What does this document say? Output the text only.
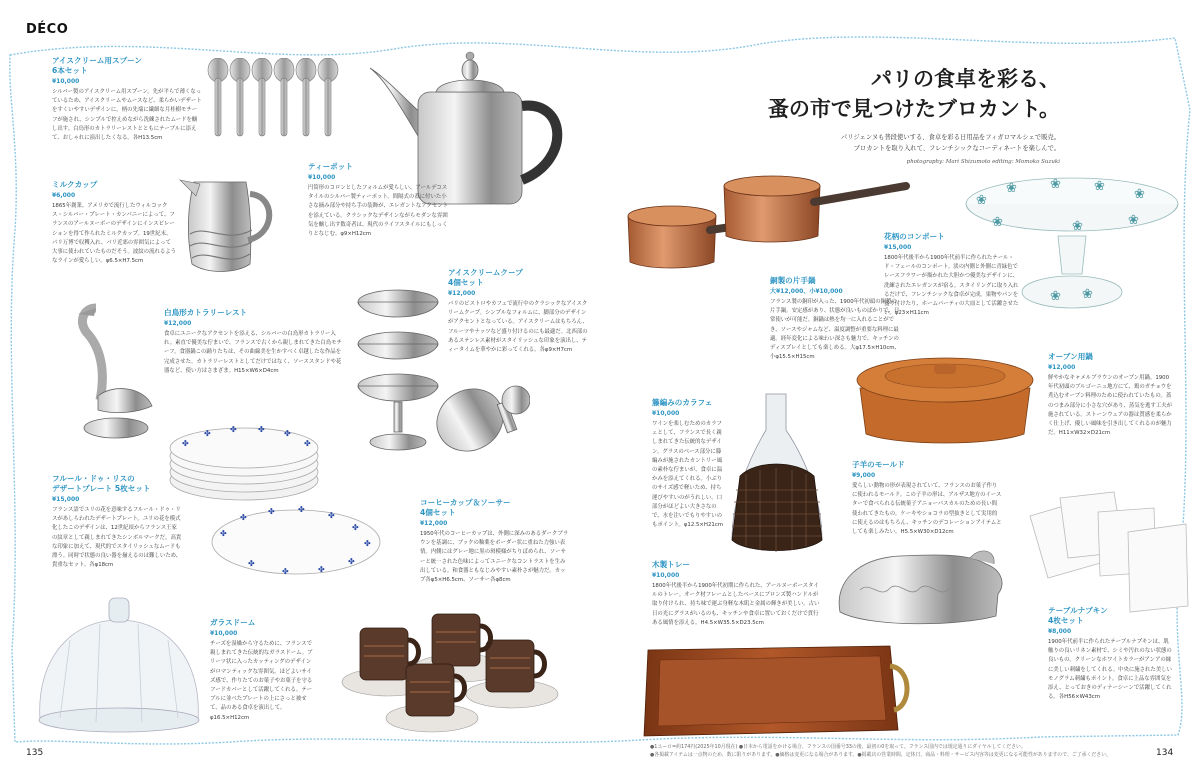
DÉCO
パリの食卓を彩る、
蚤の市で見つけたブロカント。
パリジェンヌも普段使いする、食卓を彩る日用品をフィガロマルシェで販売。
ブロカントを取り入れて、フレンチシックなコーディネートを楽しんで。
photography: Mari Shizumoto editing: Momoko Suzuki
✤
✤ ✤	✤ ✤
✤
✤
✤
✤	✤
✤
✤
✤
✤
✤
✤
✤
❀
❀	❀	❀
❀
❀	❀	❀
❀ ❀
アイスクリーム用スプーン
6本セット
¥10,000
シルバー製のアイスクリーム用スプーン。先が平らで薄くなっているため、アイスクリームやムースなど、柔らかいデザートをすくいやすいデザインに。柄の先端に繊細な月桂樹モチーフが施され、シンプルで控えめながら洗練されたムードを醸し出す。白鳥形のカトラリーレストとともにテーブルに添えて、おしゃれに演出したくなる。各H13.5cm
ティーポット
¥10,000
円筒形のコロンとしたフォルムが愛らしい、アールデコスタイルのシルバー製ティーポット。間隔式の蓋に付いた小さな摘み部分や持ち手の装飾が、エレガントなアクセントを添えている。クラシックなデザインながらモダンな雰囲気を醸し出す数奇者は、現代のライフスタイルにもしっくりとなじむ。φ9×H12cm
ミルクカップ
¥6,000
1865年創業、アメリカで流行したウィルコックス・シルバー・プレート・カンパニーによって、フランスのアールヌーボーのデザインにインスピレーションを得て作られたミルクカップ。19世紀末、パリ万博で収穫入れ、パリ近郊の雰囲気によって大事に使われていたものだそう。波紋の流れるようなラインが愛らしい。φ6.5×H7.5cm
白鳥形カトラリーレスト
¥12,000
食卓にユニークなアクセントを添える、シルバーの白鳥形カトラリー入れ。素直で優美な佇まいで、フランスで古くから親しまれてきた白鳥モチーフ。食器鍋この踊りたちは、その曲線美を生かすべく卓越したな作品を完成させた。カトラリーレストとしてだけではなく、ソーススタンドや花器など、使い方はさまざま。H15×W6×D4cm
アイスクリームクープ
4個セット
¥12,000
パリのビストロやカフェで流行中のクラシックなアイスクリームクープ。シンプルなフォルムに、脚部分のデザインがアクセントとなっている。アイスクリームはもちろん、フルーツやナッツなど盛り付けるのにも最適だ。北西部のあるステンレス素材がスタイリッシュな印象を演出し、ティータイムを華やかに彩ってくれる。各φ9×H7cm
銅製の片手鍋
大¥12,000、小¥10,000
フランス製の銅印が入った、1900年代初頭の銅製の片手鍋。安定感があり、状態が良いものばかりで、日常使いが可能だ。銅鍋は熱を均一に入れることができ、ソースやジャムなど、温度調整が重要な料理に最適。経年変化による味わい深さも魅力で、キッチンのディスプレイとしても楽しめる。大φ17.5×H10cm、小φ15.5×H15cm
花柄のコンポート
¥15,000
1800年代後半から1900年代前半に作られたテール・ド・フェールのコンポート。淡の内側と外側に青緑色でレースフラワーが描かれた大胆かつ優美なデザインに、洗練されたエレガンスが宿る。スタイリングに取り入れるだけで、フレンチシックな食卓が完成。果物やパンを盛り付けたり、ホームパーティの大皿として活躍させたい。φ23×H11cm
オーブン用鍋
¥12,000
鮮やかなキャメルブラウンのオーブン用鍋。1900年代初頭のブルゴーニュ地方にて、鶏のガチョウを煮込むオーブン料理のために使われていたもの。蓋のつまみ部分に小さな穴があり、蒸気を逃す工夫が施されている。ストーンウェアの器は質感を柔らかく仕上げ、優しい風味を引き出してくれるのが魅力だ。H11×W32×D21cm
籐編みのカラフェ
¥10,000
ワインを楽しむためのカラフェとして、フランスで長く親しまれてきた伝統的なデザイン。グラスのベース部分に籐編みが施されたカントリー風の素朴な佇まいが、食卓に温かみを添えてくれる。小ぶりのサイズ感で軽いため、持ち運びやすいのがうれしい。口部分がほどよい大きさなので、水を注いでもりやすいのもポイント。φ12.5×H21cm
フルール・ドゥ・リスの
デザートプレート 5枚セット
¥15,000
フランス語でユリの花を意味するフルール・ドゥ・リスがあしらわれたデザートプレート。ユリの花を模式化したこのデザインは、12世紀頃からフランス王家の紋章として親しまれてきたシンボルマークだ。高貴な印象に加えて、現代的でスタイリッシュなムードも漂う。同時で状態の良い器を揃えるのは難しいため、貴重なセット。各φ18cm
コーヒーカップ＆ソーサー
4個セット
¥12,000
1950年代のコーヒーカップは、外側に深みのあるダークブラウンを基調に、ブックの釉薬をボーダー状に重ねた力強い表情。内側にはグレー地に黒の斑模様がちりばめられ、ソーサーと統一された色味によってユニークなコントラストを生み出している。和食器ともなじみやすい素朴さが魅力だ。カップ各φ5×H6.5cm、ソーサー各φ8cm
木製トレー
¥10,000
1800年代後半から1900年代初期に作られた、アールヌーボースタイルのトレー。オーク材フレームとしたベースにブロンズ製ハンドルが取り付けられ、持ち味で運ぶ身軽な木肌と金属の輝きが美しい。古い日の光にグラスがいるのも、キッチンや食卓に置いておくだけで貫行ある風情を添える。H4.5×W35.5×D23.5cm
子羊のモールド
¥9,000
愛らしい動物の形が表現されていて、フランスのお菓子作りに使われるモールド。この子羊の形は、アルザス地方のイースターで食べられる伝統菓子アニョーパスカルのための長い間使われてきたもの。ケーキやショコラの型抜きとして実用的に使えるのはもちろん、キッチンのデコレーションアイテムとしても楽しみたい。H5.5×W30×D12cm
ガラスドーム
¥10,000
チーズを湿燥から守るために、フランスで親しまれてきた伝統的なガラスドーム。ブリーツ状に入ったカッティングのデザインがロマンティックな雰囲気。ほどよいサイズ感で、作りたてのお菓子やお菓子を守るフードカバーとして活躍してくれる。テーブルに並べたプレートの上にさっと被せて、品のある食卓を演出して。φ16.5×H12cm
テーブルナプキン
4枚セット
¥8,000
1900年代前半に作られたテーブルナプキンは、肌触りの良いリネン素材で、シミや汚れのない状態の良いもの。クリーンなホワイトカラーがアンアの縁に美しい刺繍をしてくれる。中央に施された美しいモノグラム刺繍もポイント。食卓に上品な雰囲気を添え、とっておきのディナーシーンで活躍してくれる。各H56×W43cm
●1ユーロ=約174円(2025年10月現在) ●日本から電話をかける場合、フランスの国番号33の後、最初の0を取って。フランス国内では規定通りにダイヤルしてください。
●各掲載アイテムは一点物のため、数に限りがあります。●価格は変更になる場合があります。●掲載店の営業時間、定休日、商品・料理・サービス内容等は変更になる可能性がありますので、ご了承ください。
135	134
